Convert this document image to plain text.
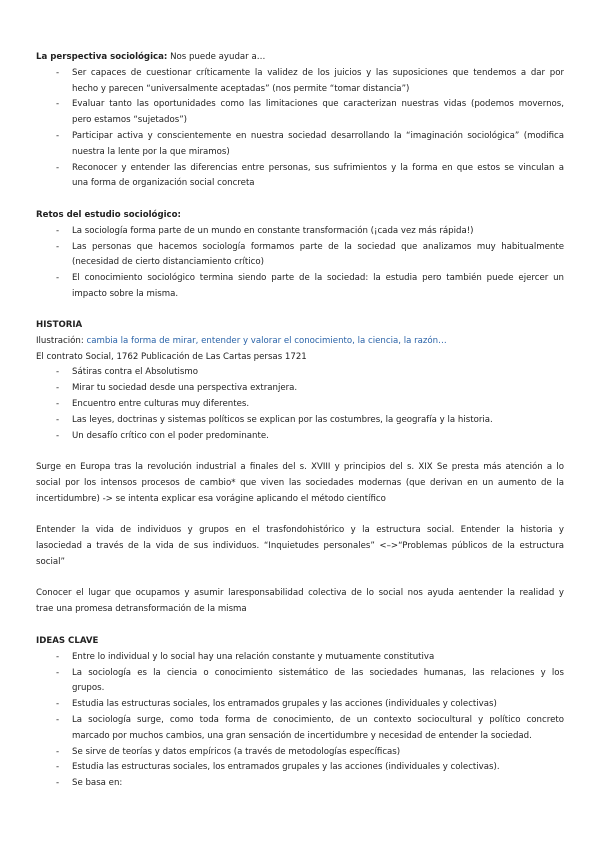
La perspectiva sociológica: Nos puede ayudar a…
- Ser capaces de cuestionar críticamente la validez de los juicios y las suposiciones que tendemos a dar por
hecho y parecen “universalmente aceptadas” (nos permite “tomar distancia”)
- Evaluar tanto las oportunidades como las limitaciones que caracterizan nuestras vidas (podemos movernos,
pero estamos “sujetados”)
- Participar activa y conscientemente en nuestra sociedad desarrollando la “imaginación sociológica” (modifica
nuestra la lente por la que miramos)
- Reconocer y entender las diferencias entre personas, sus sufrimientos y la forma en que estos se vinculan a
una forma de organización social concreta
Retos del estudio sociológico:
- La sociología forma parte de un mundo en constante transformación (¡cada vez más rápida!)
- Las personas que hacemos sociología formamos parte de la sociedad que analizamos muy habitualmente
(necesidad de cierto distanciamiento crítico)
- El conocimiento sociológico termina siendo parte de la sociedad: la estudia pero también puede ejercer un
impacto sobre la misma.
HISTORIA
Ilustración: cambia la forma de mirar, entender y valorar el conocimiento, la ciencia, la razón…
El contrato Social, 1762 Publicación de Las Cartas persas 1721
- Sátiras contra el Absolutismo
- Mirar tu sociedad desde una perspectiva extranjera.
- Encuentro entre culturas muy diferentes.
- Las leyes, doctrinas y sistemas políticos se explican por las costumbres, la geografía y la historia.
- Un desafío crítico con el poder predominante.
Surge en Europa tras la revolución industrial a finales del s. XVIII y principios del s. XIX Se presta más atención a lo
social por los intensos procesos de cambio* que viven las sociedades modernas (que derivan en un aumento de la
incertidumbre) -> se intenta explicar esa vorágine aplicando el método científico
Entender la vida de individuos y grupos en el trasfondohistórico y la estructura social. Entender la historia y
lasociedad a través de la vida de sus individuos. “Inquietudes personales” <–>“Problemas públicos de la estructura
social”
Conocer el lugar que ocupamos y asumir laresponsabilidad colectiva de lo social nos ayuda aentender la realidad y
trae una promesa detransformación de la misma
IDEAS CLAVE
- Entre lo individual y lo social hay una relación constante y mutuamente constitutiva
- La sociología es la ciencia o conocimiento sistemático de las sociedades humanas, las relaciones y los
grupos.
- Estudia las estructuras sociales, los entramados grupales y las acciones (individuales y colectivas)
- La sociología surge, como toda forma de conocimiento, de un contexto sociocultural y político concreto
marcado por muchos cambios, una gran sensación de incertidumbre y necesidad de entender la sociedad.
- Se sirve de teorías y datos empíricos (a través de metodologías específicas)
- Estudia las estructuras sociales, los entramados grupales y las acciones (individuales y colectivas).
- Se basa en:
